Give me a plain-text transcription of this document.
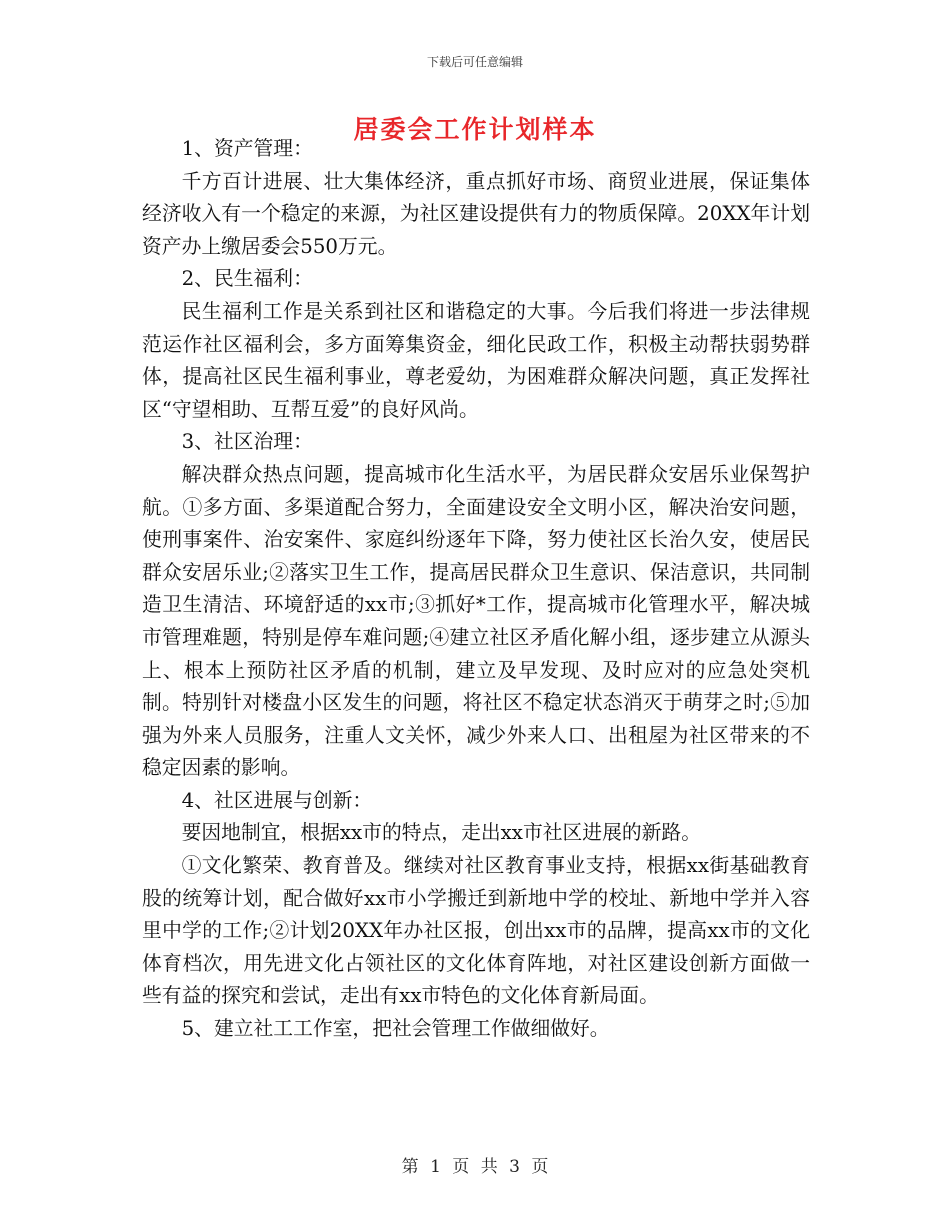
下载后可任意编辑
居委会工作计划样本

1、资产管理：

千方百计进展、壮大集体经济，重点抓好市场、商贸业进展，保证集体经济收入有一个稳定的来源，为社区建设提供有力的物质保障。20XX年计划资产办上缴居委会550万元。

2、民生福利：

民生福利工作是关系到社区和谐稳定的大事。今后我们将进一步法律规范运作社区福利会，多方面筹集资金，细化民政工作，积极主动帮扶弱势群体，提高社区民生福利事业，尊老爱幼，为困难群众解决问题，真正发挥社区“守望相助、互帮互爱”的良好风尚。

3、社区治理：

解决群众热点问题，提高城市化生活水平，为居民群众安居乐业保驾护航。①多方面、多渠道配合努力，全面建设安全文明小区，解决治安问题，使刑事案件、治安案件、家庭纠纷逐年下降，努力使社区长治久安，使居民群众安居乐业;②落实卫生工作，提高居民群众卫生意识、保洁意识，共同制造卫生清洁、环境舒适的xx市;③抓好*工作，提高城市化管理水平，解决城市管理难题，特别是停车难问题;④建立社区矛盾化解小组，逐步建立从源头上、根本上预防社区矛盾的机制，建立及早发现、及时应对的应急处突机制。特别针对楼盘小区发生的问题，将社区不稳定状态消灭于萌芽之时;⑤加强为外来人员服务，注重人文关怀，减少外来人口、出租屋为社区带来的不稳定因素的影响。

4、社区进展与创新：

要因地制宜，根据xx市的特点，走出xx市社区进展的新路。

①文化繁荣、教育普及。继续对社区教育事业支持，根据xx街基础教育股的统筹计划，配合做好xx市小学搬迁到新地中学的校址、新地中学并入容里中学的工作;②计划20XX年办社区报，创出xx市的品牌，提高xx市的文化体育档次，用先进文化占领社区的文化体育阵地，对社区建设创新方面做一些有益的探究和尝试，走出有xx市特色的文化体育新局面。

5、建立社工工作室，把社会管理工作做细做好。

第 1 页 共 3 页
